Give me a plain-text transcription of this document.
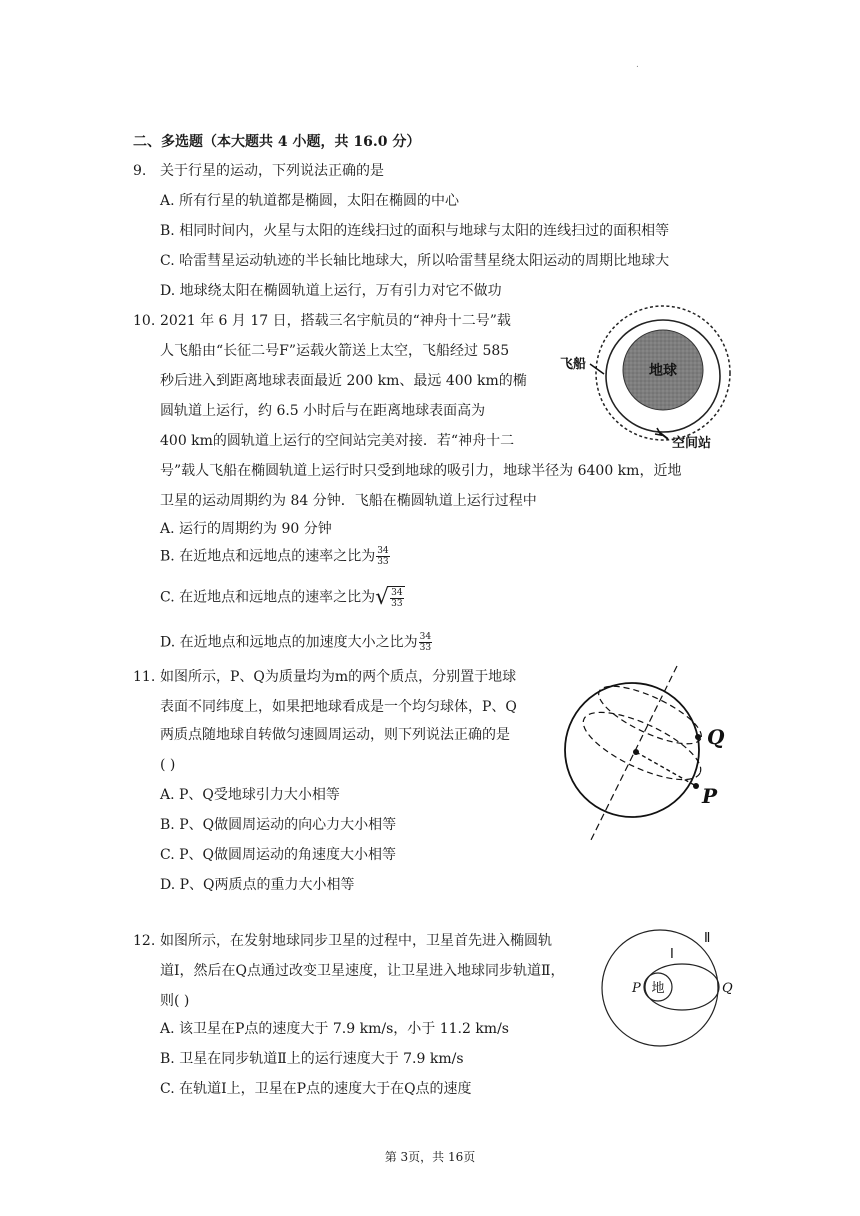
.
二、多选题（本大题共 4 小题，共 16.0 分）
9. 关于行星的运动，下列说法正确的是
A. 所有行星的轨道都是椭圆，太阳在椭圆的中心
B. 相同时间内，火星与太阳的连线扫过的面积与地球与太阳的连线扫过的面积相等
C. 哈雷彗星运动轨迹的半长轴比地球大，所以哈雷彗星绕太阳运动的周期比地球大
D. 地球绕太阳在椭圆轨道上运行，万有引力对它不做功
10. 2021 年 6 月 17 日，搭载三名宇航员的“神舟十二号”载
人飞船由“长征二号F”运载火箭送上太空，飞船经过 585
秒后进入到距离地球表面最近 200 km、最远 400 km的椭
圆轨道上运行，约 6.5 小时后与在距离地球表面高为
400 km的圆轨道上运行的空间站完美对接．若“神舟十二
号”载人飞船在椭圆轨道上运行时只受到地球的吸引力，地球半径为 6400 km，近地
卫星的运动周期约为 84 分钟．飞船在椭圆轨道上运行过程中
A. 运行的周期约为 90 分钟
B. 在近地点和远地点的速率之比为 $\frac{34}{33}$
C. 在近地点和远地点的速率之比为√ $\frac{34}{33}$
D. 在近地点和远地点的加速度大小之比为 $\frac{34}{33}$
地球
飞船
空间站
11. 如图所示，P、Q为质量均为m的两个质点，分别置于地球
表面不同纬度上，如果把地球看成是一个均匀球体，P、Q
两质点随地球自转做匀速圆周运动，则下列说法正确的是
( )
A. P、Q受地球引力大小相等
B. P、Q做圆周运动的向心力大小相等
C. P、Q做圆周运动的角速度大小相等
D. P、Q两质点的重力大小相等
Q
P
12. 如图所示，在发射地球同步卫星的过程中，卫星首先进入椭圆轨
道Ⅰ，然后在Q点通过改变卫星速度，让卫星进入地球同步轨道Ⅱ，
则( )
A. 该卫星在P点的速度大于 7.9 km/s，小于 11.2 km/s
B. 卫星在同步轨道Ⅱ上的运行速度大于 7.9 km/s
C. 在轨道Ⅰ上，卫星在P点的速度大于在Q点的速度
地
P	Q
Ⅰ
Ⅱ
第 3页，共 16页
